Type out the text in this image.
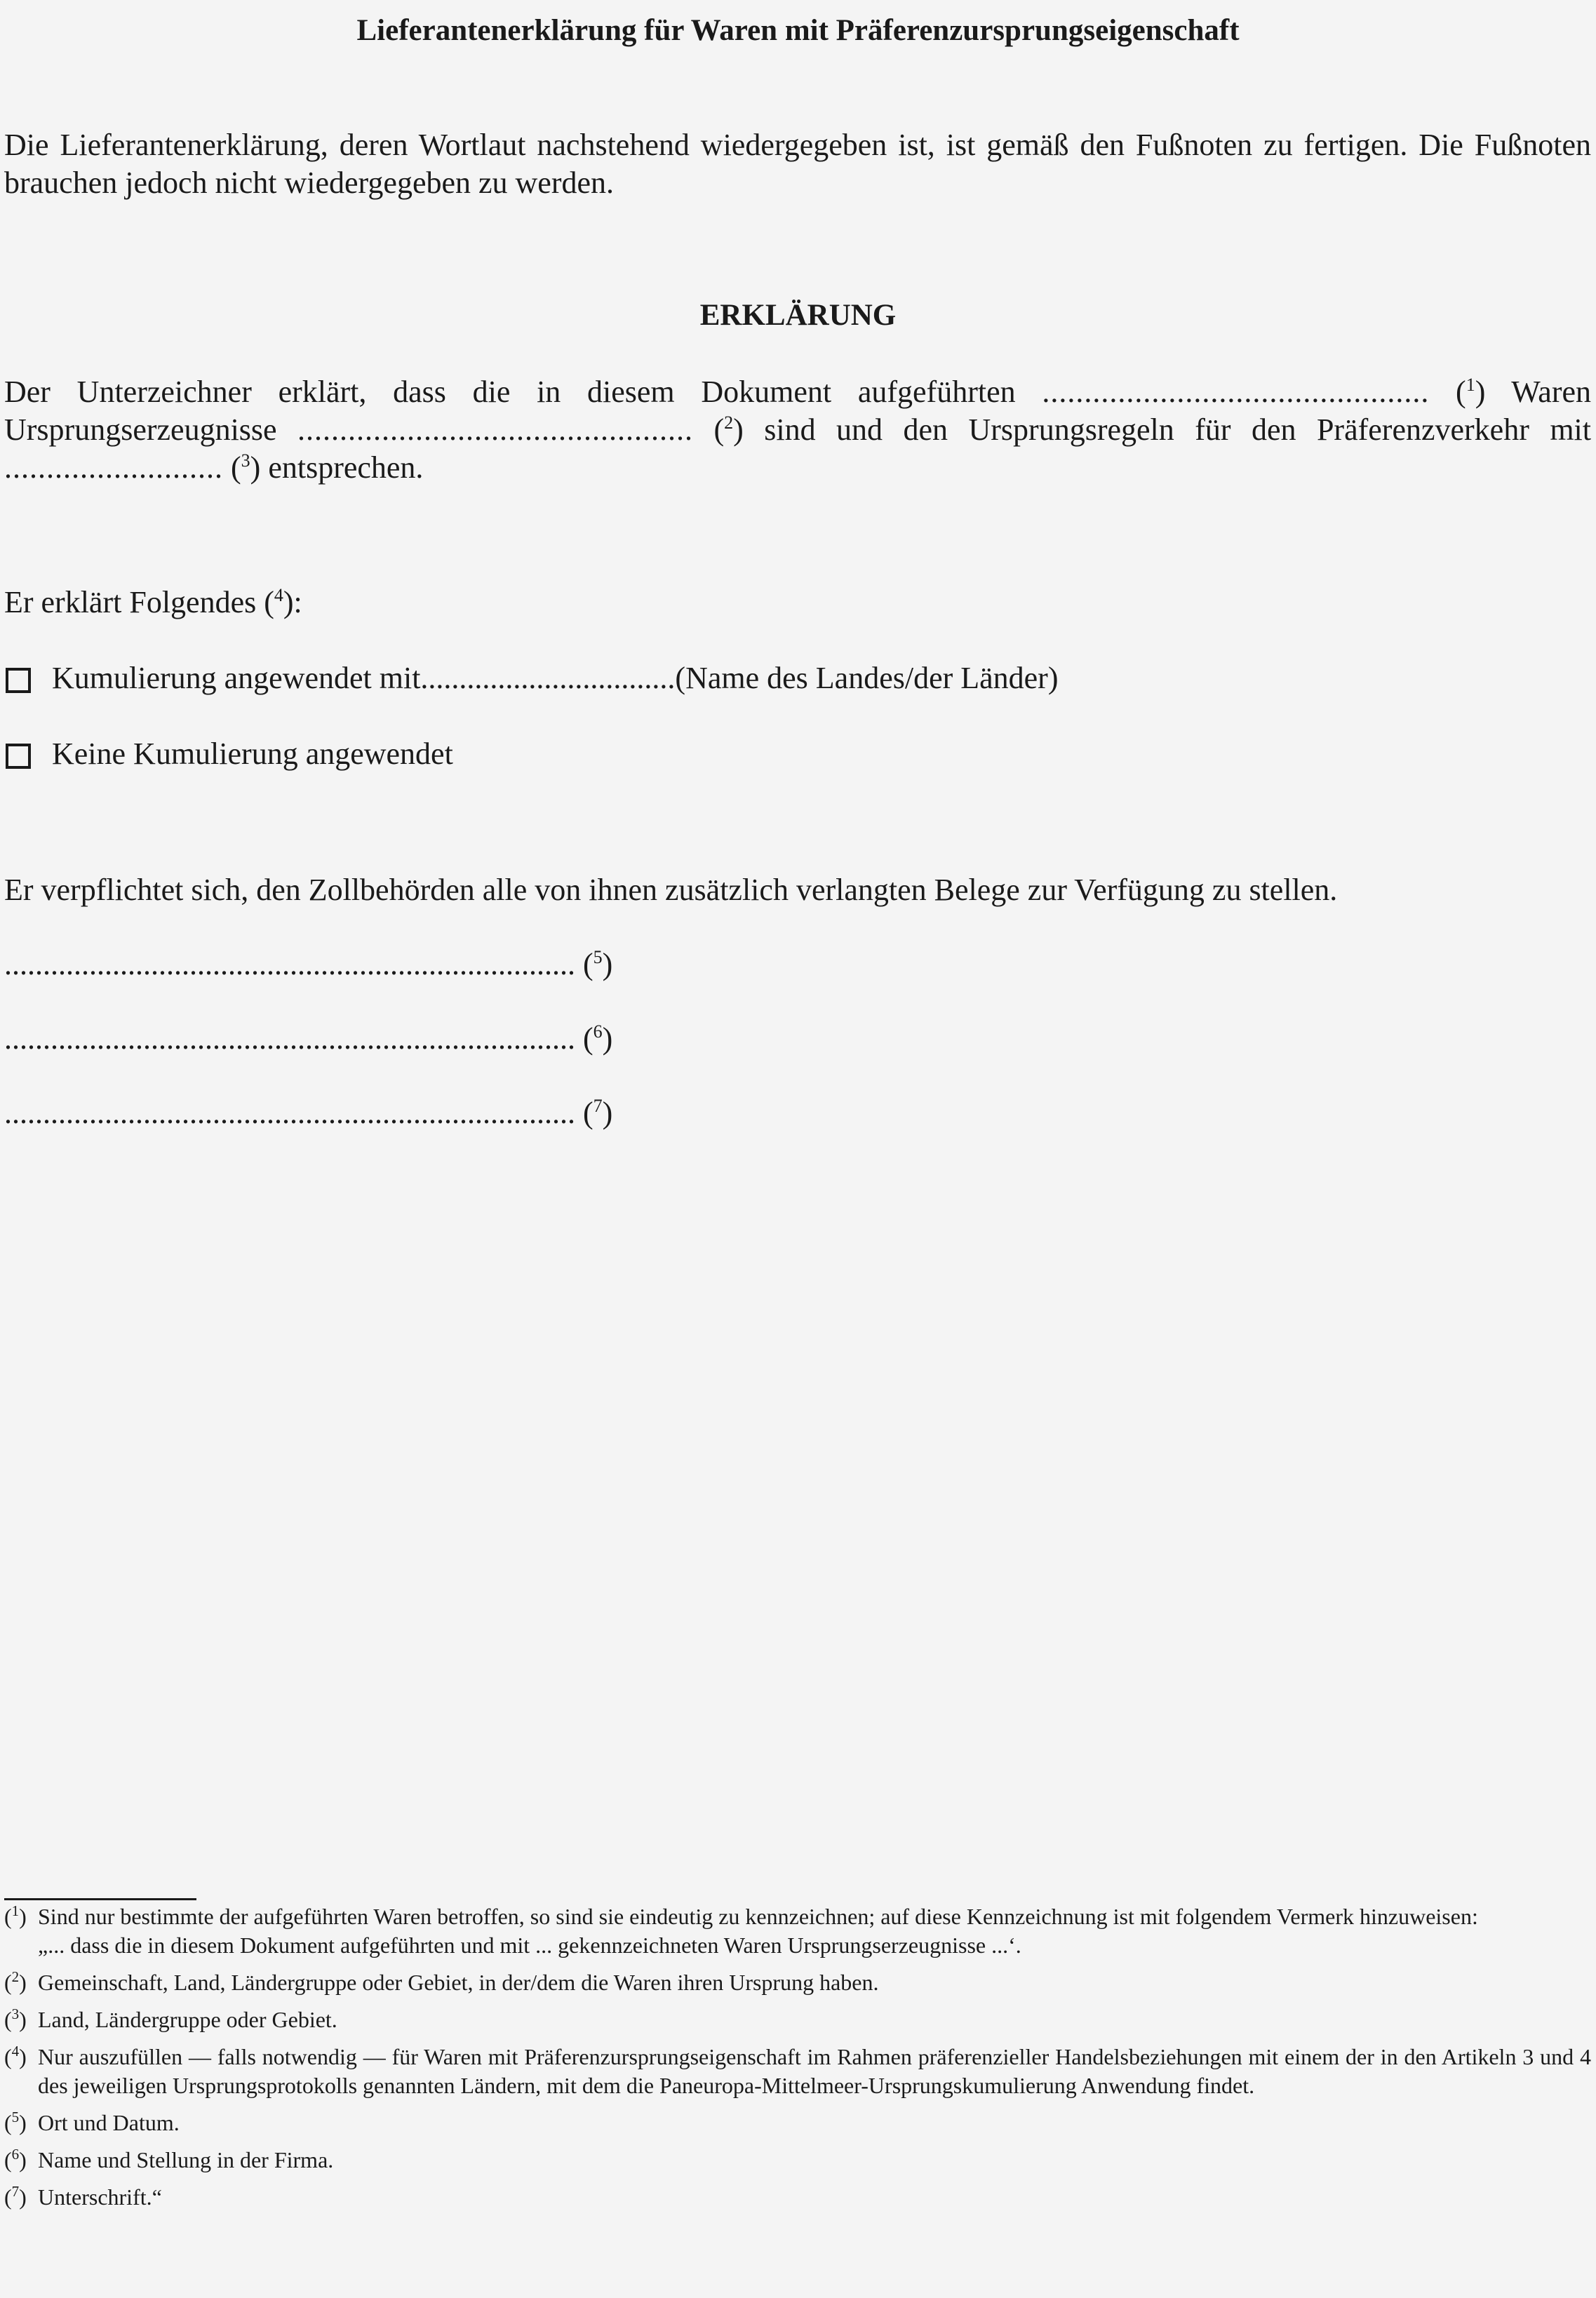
Lieferantenerklärung für Waren mit Präferenzursprungseigenschaft
Die Lieferantenerklärung, deren Wortlaut nachstehend wiedergegeben ist, ist gemäß den Fußnoten zu fertigen. Die Fußnoten brauchen jedoch nicht wiedergegeben zu werden.
ERKLÄRUNG
Der Unterzeichner erklärt, dass die in diesem Dokument aufgeführten .............................................. ($^1$) Waren Ursprungserzeugnisse ............................................... ($^2$) sind und den Ursprungsregeln für den Präferenzverkehr mit .......................... ($^3$) entsprechen.
Er erklärt Folgendes ($^4$):
Kumulierung angewendet mit ................................. (Name des Landes/der Länder)
Keine Kumulierung angewendet
Er verpflichtet sich, den Zollbehörden alle von ihnen zusätzlich verlangten Belege zur Verfügung zu stellen.
.......................................................................... ($^5$)
.......................................................................... ($^6$)
.......................................................................... ($^7$)
($^1$) Sind nur bestimmte der aufgeführten Waren betroffen, so sind sie eindeutig zu kennzeichnen; auf diese Kennzeichnung ist mit folgendem Vermerk hinzuweisen:
„... dass die in diesem Dokument aufgeführten und mit ... gekennzeichneten Waren Ursprungserzeugnisse ...‘.
($^2$) Gemeinschaft, Land, Ländergruppe oder Gebiet, in der/dem die Waren ihren Ursprung haben.
($^3$) Land, Ländergruppe oder Gebiet.
($^4$) Nur auszufüllen — falls notwendig — für Waren mit Präferenzursprungseigenschaft im Rahmen präferenzieller Handelsbeziehungen mit einem der in den Artikeln 3 und 4 des jeweiligen Ursprungsprotokolls genannten Ländern, mit dem die Paneuropa-Mittelmeer-Ursprungskumulierung Anwendung findet.
($^5$) Ort und Datum.
($^6$) Name und Stellung in der Firma.
($^7$) Unterschrift.“
